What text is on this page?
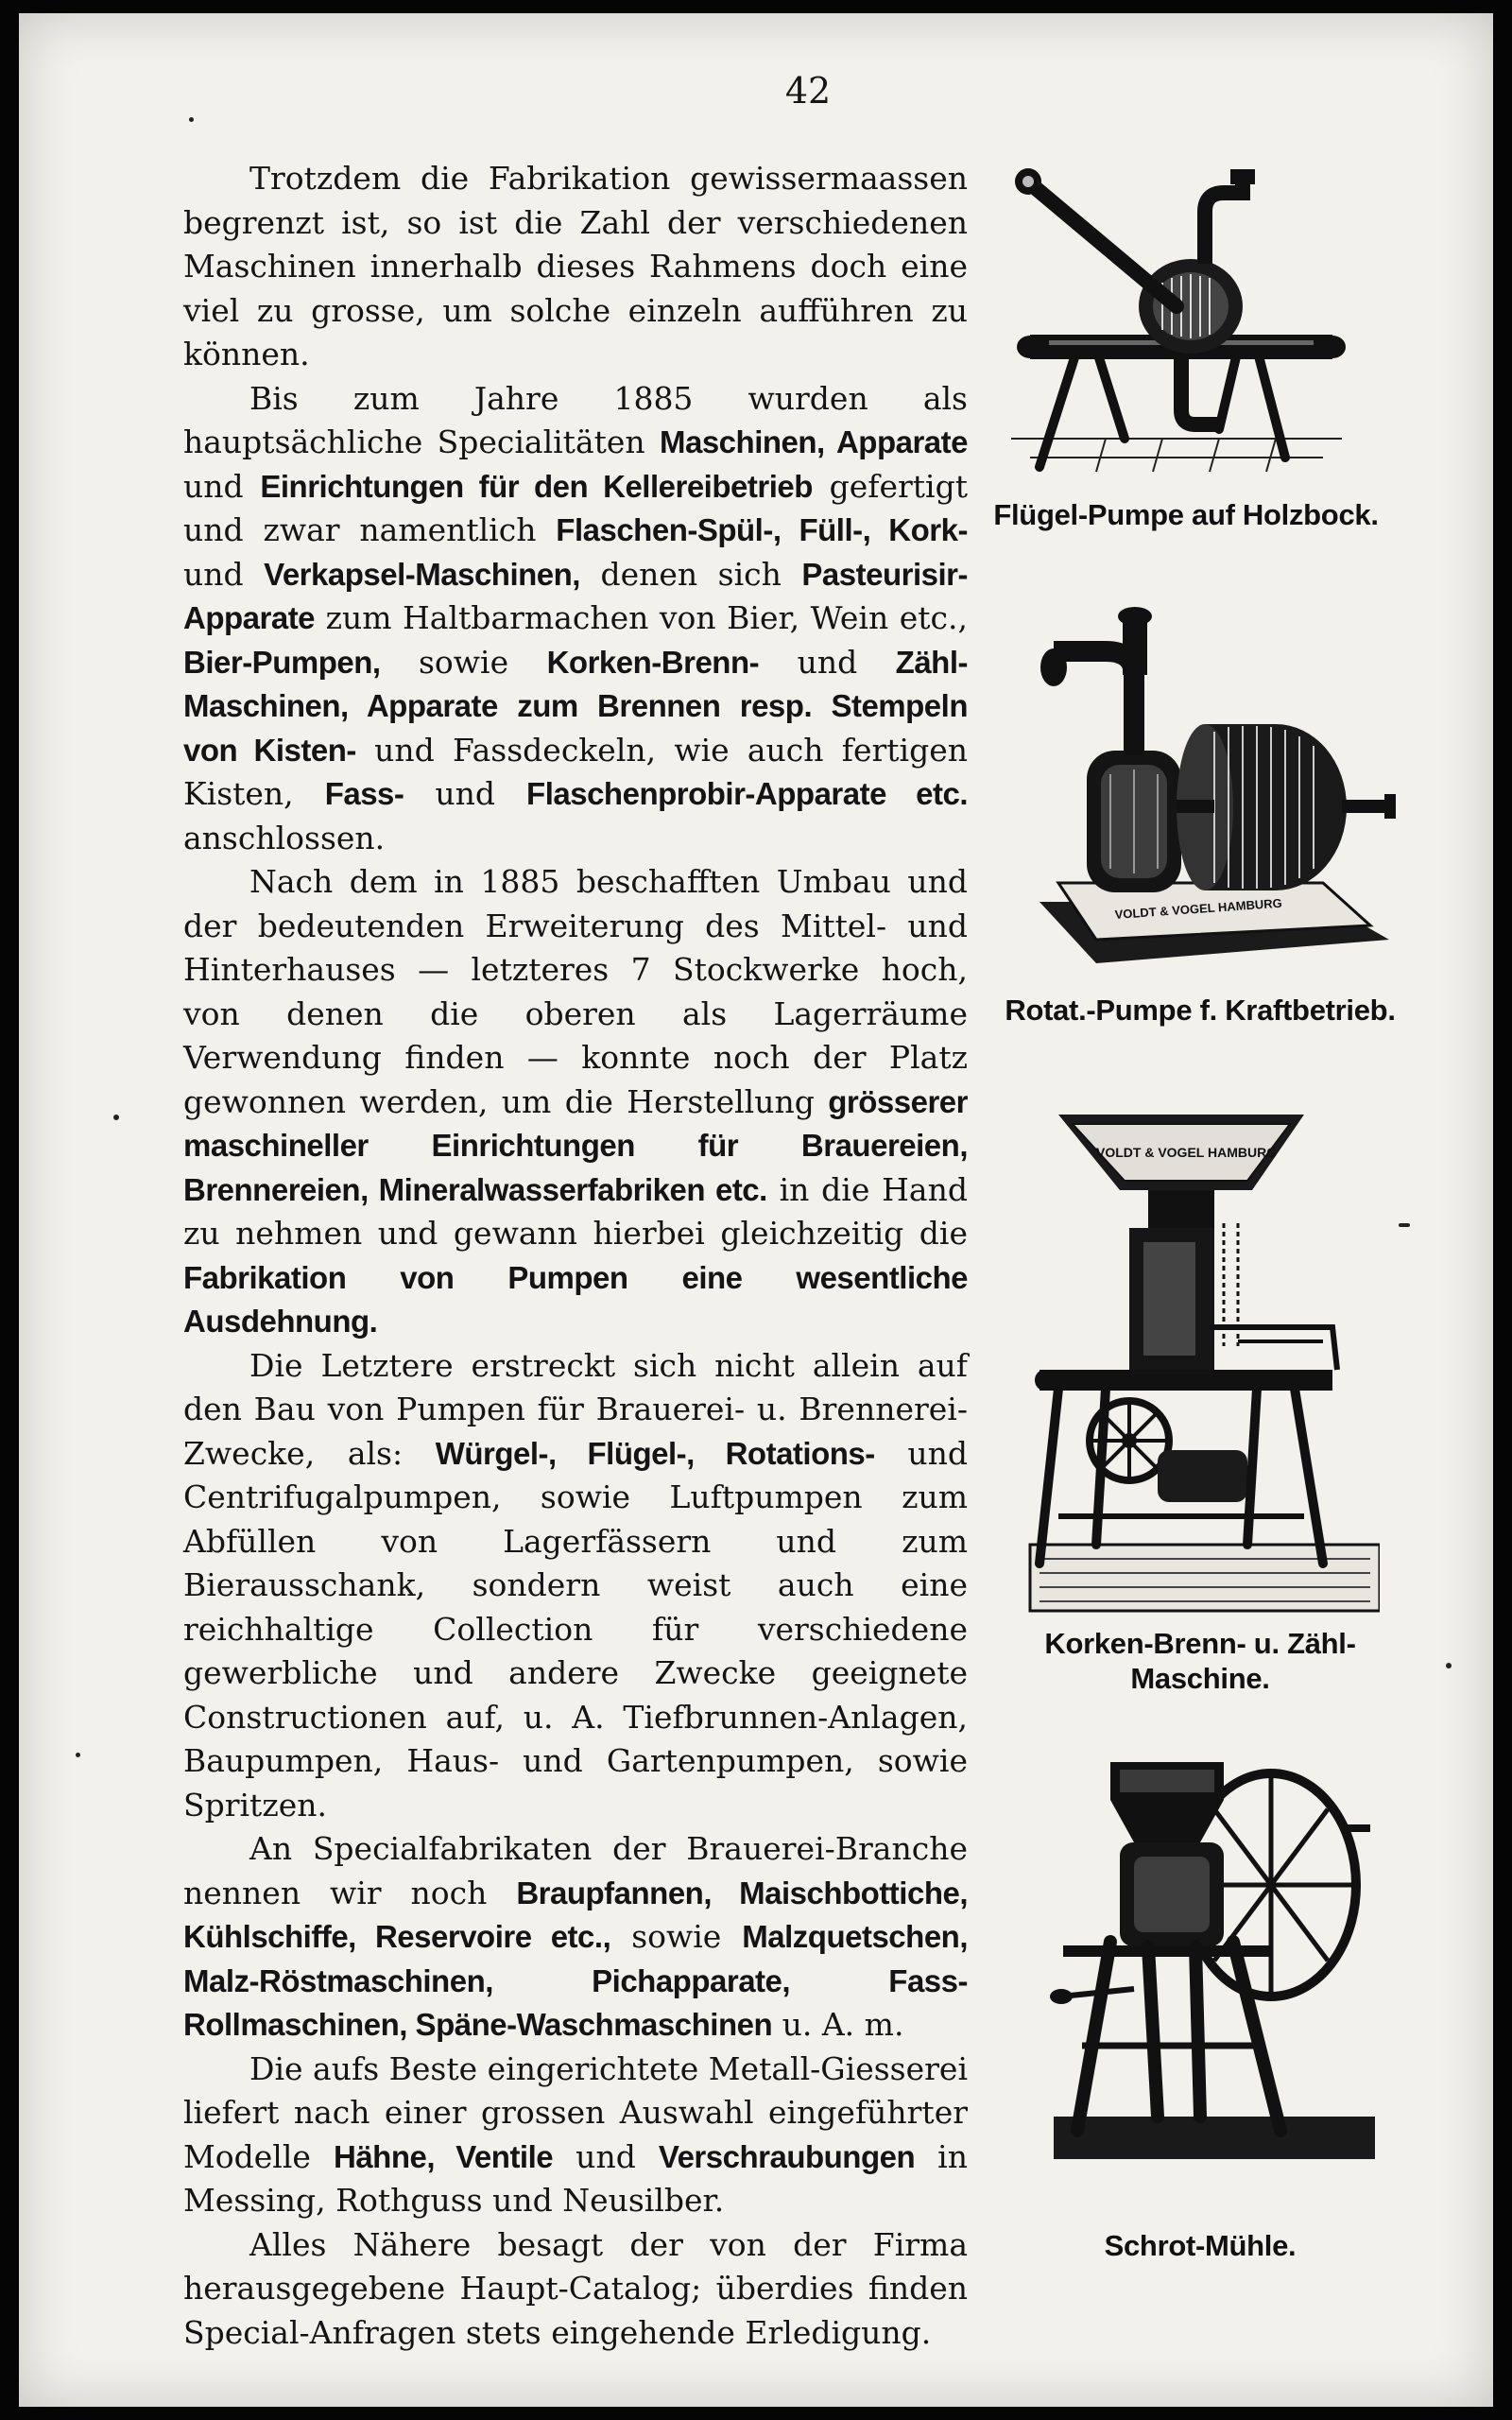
42

Trotzdem die Fabrikation gewissermaassen begrenzt ist, so ist die Zahl der verschiedenen Maschinen innerhalb dieses Rahmens doch eine viel zu grosse, um solche einzeln aufführen zu können.

Bis zum Jahre 1885 wurden als hauptsächliche Specialitäten Maschinen, Apparate und Einrichtungen für den Kellereibetrieb gefertigt und zwar namentlich Flaschen-Spül-, Füll-, Kork- und Verkapsel-Maschinen, denen sich Pasteurisir-Apparate zum Haltbarmachen von Bier, Wein etc., Bier-Pumpen, sowie Korken-Brenn- und Zähl-Maschinen, Apparate zum Brennen resp. Stempeln von Kisten- und Fassdeckeln, wie auch fertigen Kisten, Fass- und Flaschenprobir-Apparate etc. anschlossen.

Nach dem in 1885 beschafften Umbau und der bedeutenden Erweiterung des Mittel- und Hinterhauses — letzteres 7 Stockwerke hoch, von denen die oberen als Lagerräume Verwendung finden — konnte noch der Platz gewonnen werden, um die Herstellung grösserer maschineller Einrichtungen für Brauereien, Brennereien, Mineralwasserfabriken etc. in die Hand zu nehmen und gewann hierbei gleichzeitig die Fabrikation von Pumpen eine wesentliche Ausdehnung.

Die Letztere erstreckt sich nicht allein auf den Bau von Pumpen für Brauerei- u. Brennerei-Zwecke, als: Würgel-, Flügel-, Rotations- und Centrifugalpumpen, sowie Luftpumpen zum Abfüllen von Lagerfässern und zum Bierausschank, sondern weist auch eine reichhaltige Collection für verschiedene gewerbliche und andere Zwecke geeignete Constructionen auf, u. A. Tiefbrunnen-Anlagen, Baupumpen, Haus- und Gartenpumpen, sowie Spritzen.

An Specialfabrikaten der Brauerei-Branche nennen wir noch Braupfannen, Maischbottiche, Kühlschiffe, Reservoire etc., sowie Malzquetschen, Malz-Röstmaschinen, Pichapparate, Fass-Rollmaschinen, Späne-Waschmaschinen u. A. m.

Die aufs Beste eingerichtete Metall-Giesserei liefert nach einer grossen Auswahl eingeführter Modelle Hähne, Ventile und Verschraubungen in Messing, Rothguss und Neusilber.

Alles Nähere besagt der von der Firma herausgegebene Haupt-Catalog; überdies finden Special-Anfragen stets eingehende Erledigung.

Flügel-Pumpe auf Holzbock.
VOLDT & VOGEL HAMBURG
Rotat.-Pumpe f. Kraftbetrieb.
VOLDT & VOGEL HAMBURG
Korken-Brenn- u. Zähl-
Maschine.
Schrot-Mühle.
